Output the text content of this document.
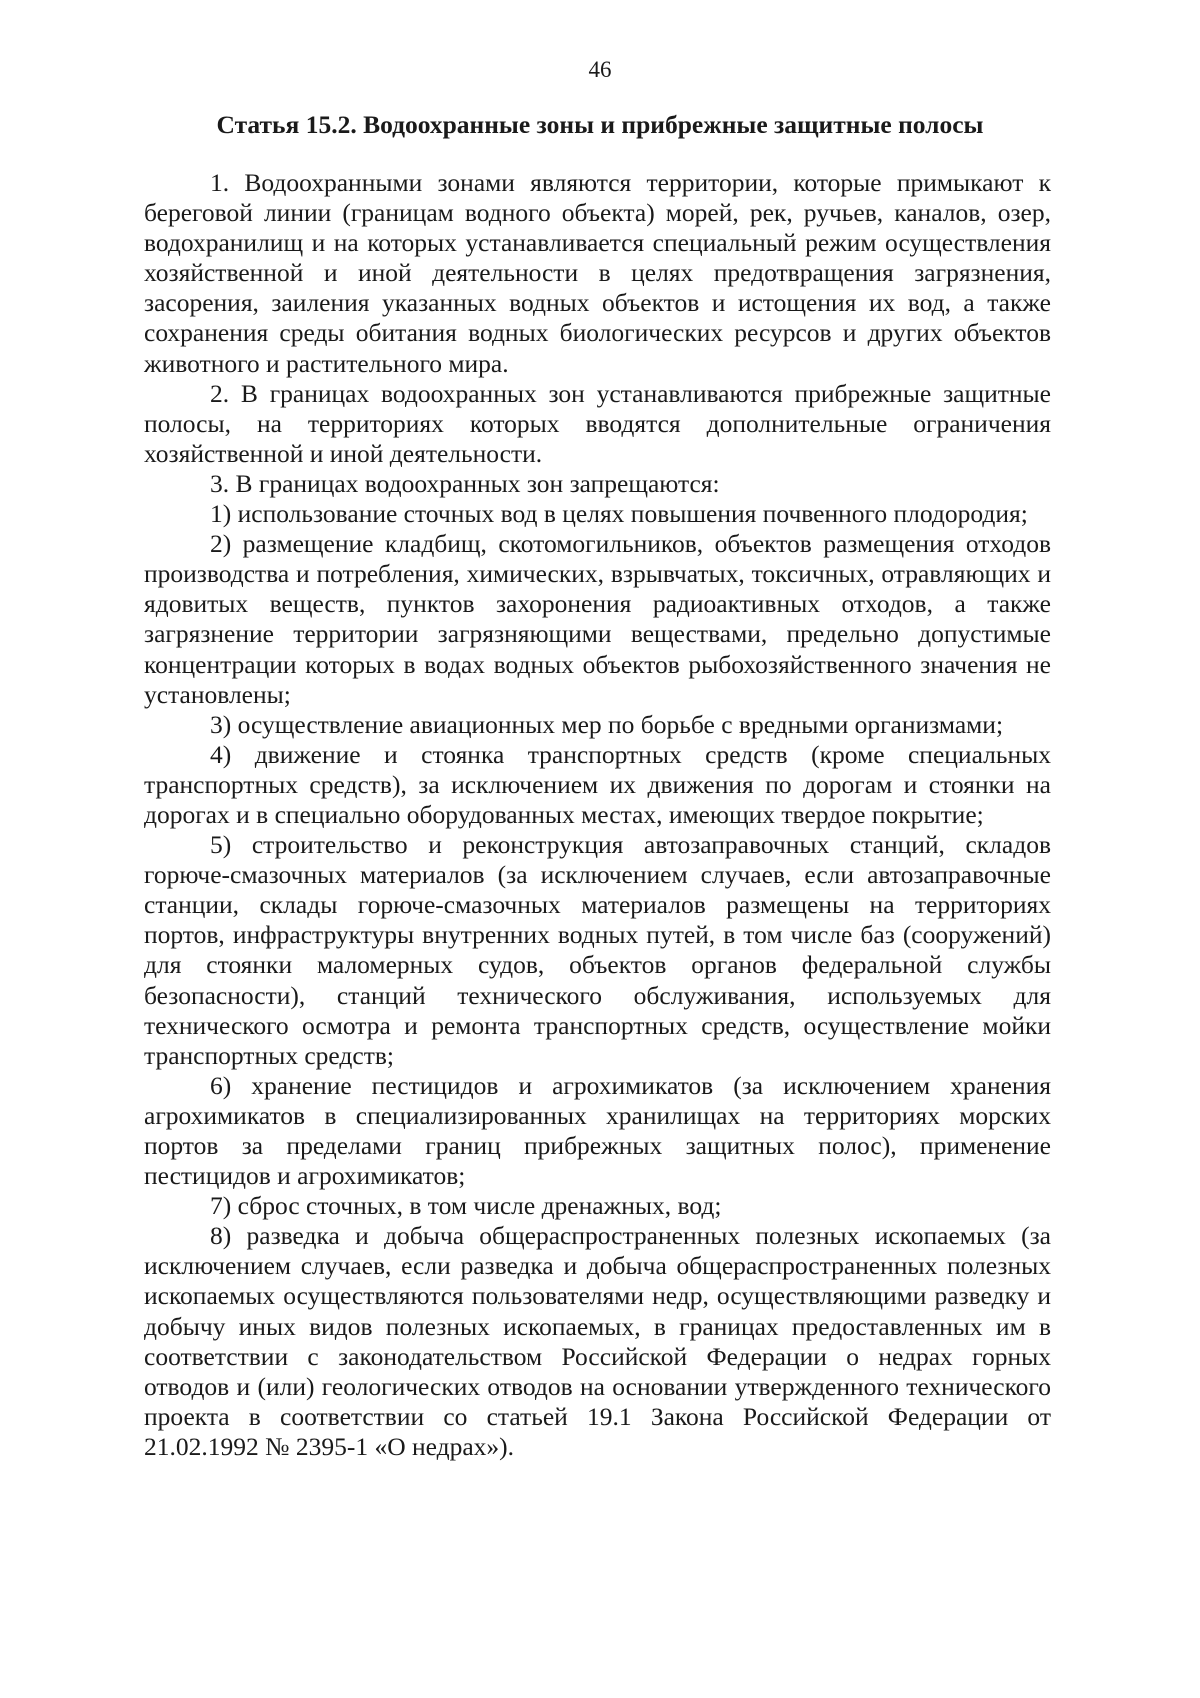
46
Статья 15.2. Водоохранные зоны и прибрежные защитные полосы

1. Водоохранными зонами являются территории, которые примыкают к береговой линии (границам водного объекта) морей, рек, ручьев, каналов, озер, водохранилищ и на которых устанавливается специальный режим осуществления хозяйственной и иной деятельности в целях предотвращения загрязнения, засорения, заиления указанных водных объектов и истощения их вод, а также сохранения среды обитания водных биологических ресурсов и других объектов животного и растительного мира.

2. В границах водоохранных зон устанавливаются прибрежные защитные полосы, на территориях которых вводятся дополнительные ограничения хозяйственной и иной деятельности.

3. В границах водоохранных зон запрещаются:

1) использование сточных вод в целях повышения почвенного плодородия;

2) размещение кладбищ, скотомогильников, объектов размещения отходов производства и потребления, химических, взрывчатых, токсичных, отравляющих и ядовитых веществ, пунктов захоронения радиоактивных отходов, а также загрязнение территории загрязняющими веществами, предельно допустимые концентрации которых в водах водных объектов рыбохозяйственного значения не установлены;

3) осуществление авиационных мер по борьбе с вредными организмами;

4) движение и стоянка транспортных средств (кроме специальных транспортных средств), за исключением их движения по дорогам и стоянки на дорогах и в специально оборудованных местах, имеющих твердое покрытие;

5) строительство и реконструкция автозаправочных станций, складов горюче-смазочных материалов (за исключением случаев, если автозаправочные станции, склады горюче-смазочных материалов размещены на территориях портов, инфраструктуры внутренних водных путей, в том числе баз (сооружений) для стоянки маломерных судов, объектов органов федеральной службы безопасности), станций технического обслуживания, используемых для технического осмотра и ремонта транспортных средств, осуществление мойки транспортных средств;

6) хранение пестицидов и агрохимикатов (за исключением хранения агрохимикатов в специализированных хранилищах на территориях морских портов за пределами границ прибрежных защитных полос), применение пестицидов и агрохимикатов;

7) сброс сточных, в том числе дренажных, вод;

8) разведка и добыча общераспространенных полезных ископаемых (за исключением случаев, если разведка и добыча общераспространенных полезных ископаемых осуществляются пользователями недр, осуществляющими разведку и добычу иных видов полезных ископаемых, в границах предоставленных им в соответствии с законодательством Российской Федерации о недрах горных отводов и (или) геологических отводов на основании утвержденного технического проекта в соответствии со статьей 19.1 Закона Российской Федерации от 21.02.1992 № 2395-1 «О недрах»).
